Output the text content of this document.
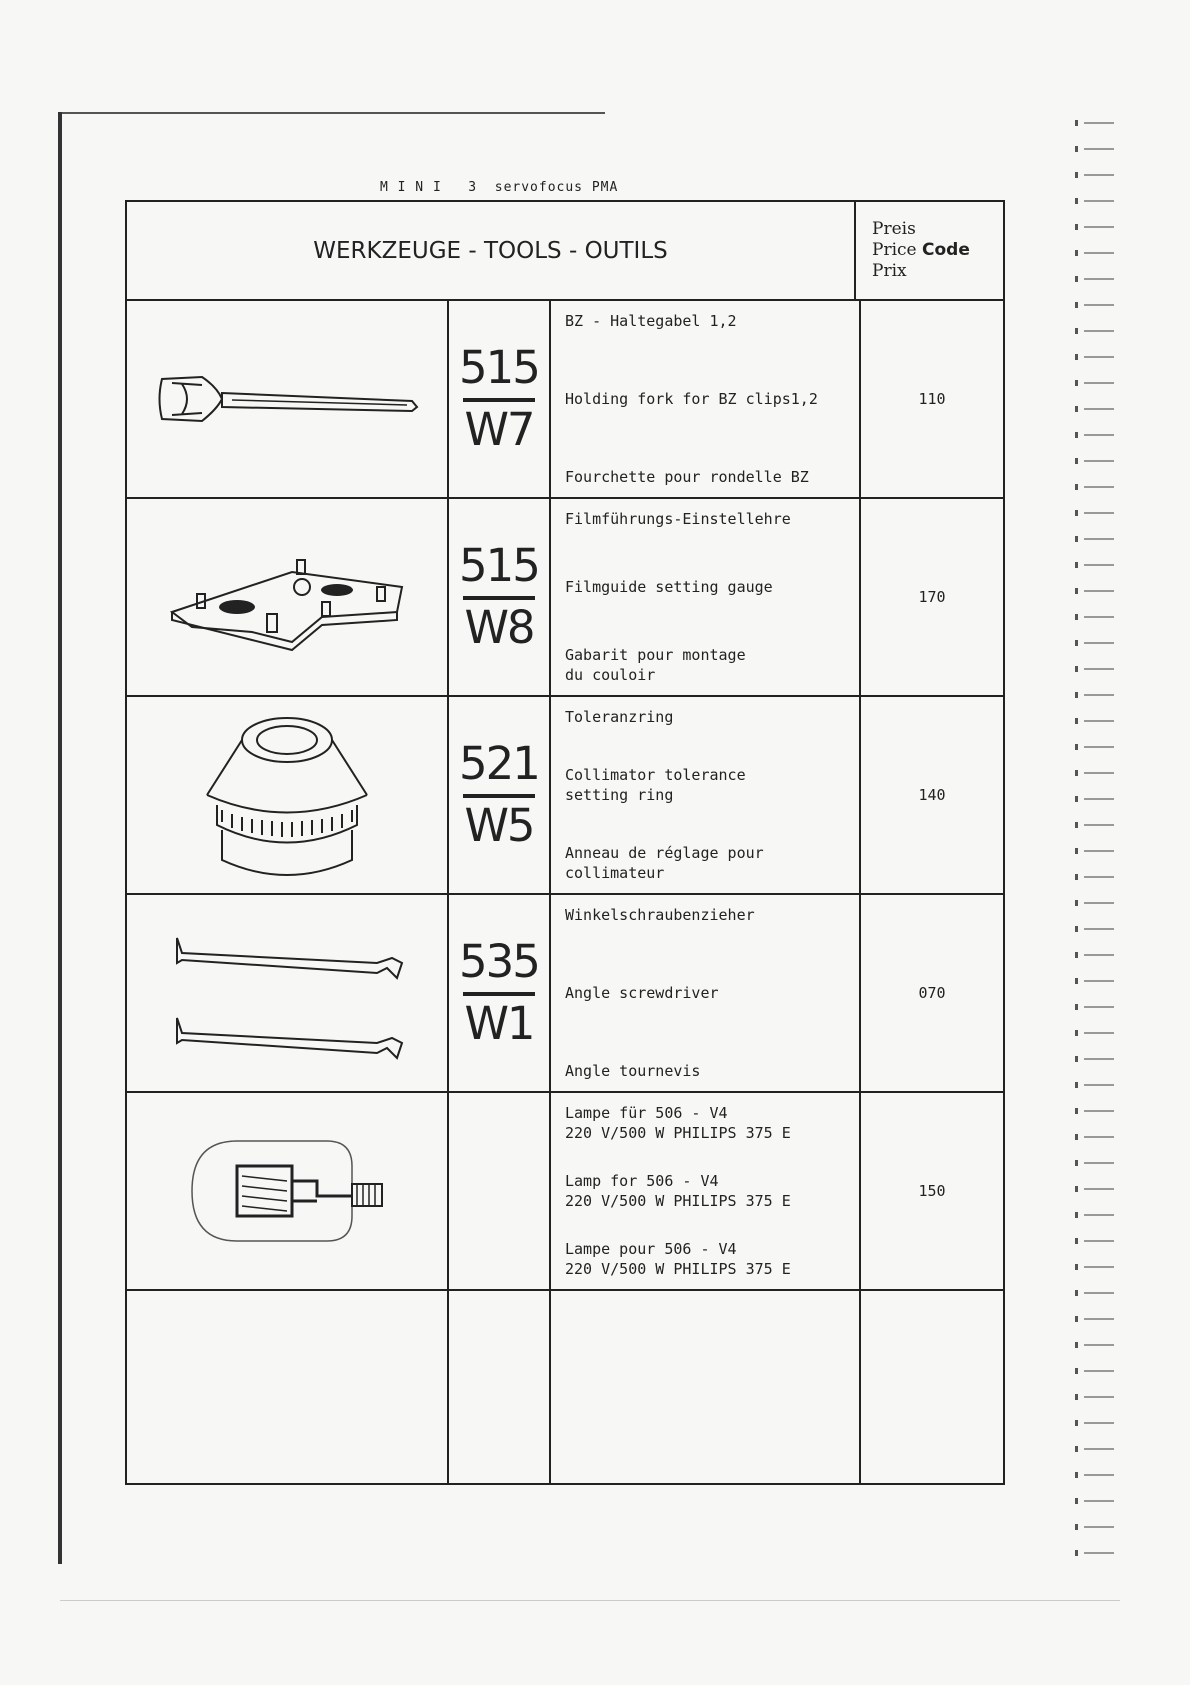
M I N I   3  servofocus PMA
WERKZEUGE - TOOLS - OUTILS
Preis
Price Code
Prix
515
W7
BZ - Haltegabel 1,2
Holding fork for BZ clips1,2
Fourchette pour rondelle BZ
110
515
W8
Filmführungs-Einstellehre
Filmguide setting gauge
Gabarit pour montage
du couloir
170
521
W5
Toleranzring
Collimator tolerance
setting ring
Anneau de réglage pour
collimateur
140
535
W1
Winkelschraubenzieher
Angle screwdriver
Angle tournevis
070
Lampe für 506 - V4
220 V/500 W PHILIPS 375 E
Lamp for 506 - V4
220 V/500 W PHILIPS 375 E
Lampe pour 506 - V4
220 V/500 W PHILIPS 375 E
150
